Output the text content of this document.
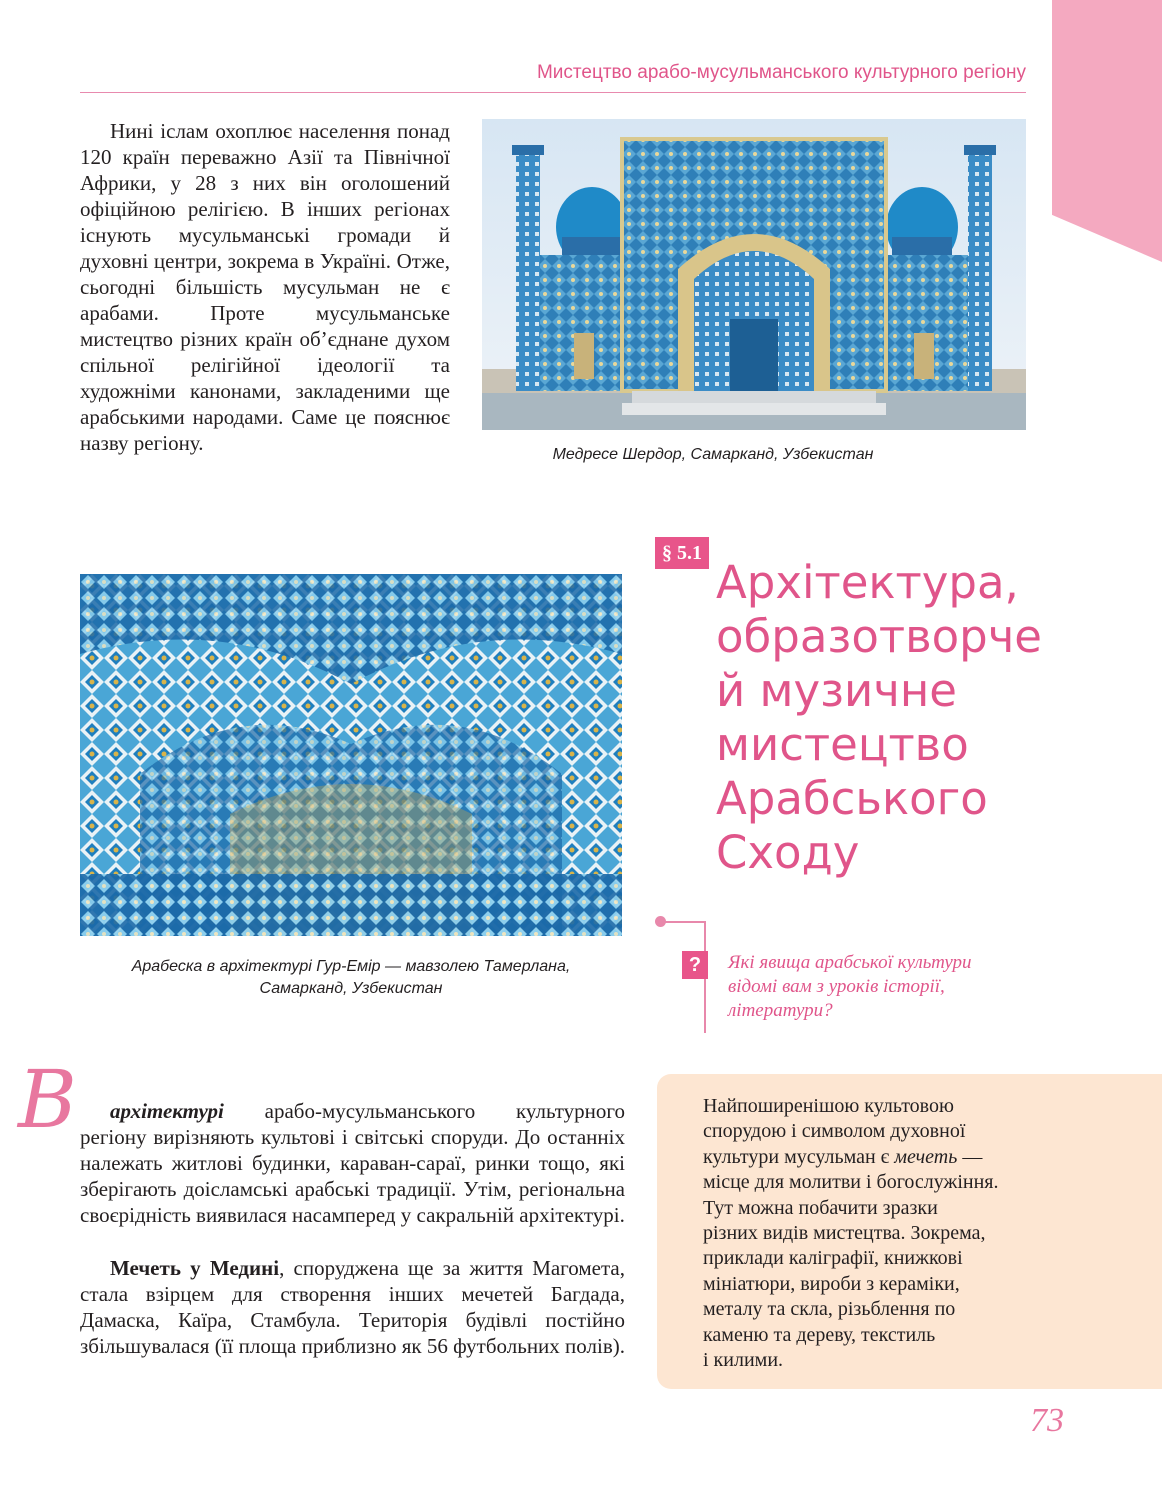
Мистецтво арабо-мусульманського культурного регіону

Нині іслам охоплює населення понад 120 країн переважно Азії та Північної Африки, у 28 з них він оголошений офіційною релігією. В інших регіонах існують мусульманські громади й духовні центри, зокрема в Україні. Отже, сьогодні більшість мусульман не є арабами. Проте мусульманське мистецтво різних країн об’єднане духом спільної релігійної ідеології та художніми канонами, закладеними ще арабськими народами. Саме це пояснює назву регіону.	Медресе Шердор, Самарканд, Узбекистан

Арабеска в архітектурі Гур-Емір — мавзолею Тамерлана,
Самарканд, Узбекистан

§ 5.1
Архітектура,
образотворче
й музичне
мистецтво
Арабського
Сходу
?	Які явища арабської культури
відомі вам з уроків історії,
літератури?

В	архітектурі арабо-мусульманського культурного регіону вирізняють культові і світські споруди. До останніх належать житлові будинки, караван-сараї, ринки тощо, які зберігають доісламські арабські традиції. Утім, регіональна своєрідність виявилася насамперед у сакральній архітектурі.

Мечеть у Медині, споруджена ще за життя Магомета, стала взірцем для створення інших мечетей Багдада, Дамаска, Каїра, Стамбула. Територія будівлі постійно збільшувалася (її площа приблизно як 56 футбольних полів).

Найпоширенішою культовою
спорудою і символом духовної
культури мусульман є мечеть —
місце для молитви і богослужіння.
Тут можна побачити зразки
різних видів мистецтва. Зокрема,
приклади каліграфії, книжкові
мініатюри, вироби з кераміки,
металу та скла, різьблення по
каменю та дереву, текстиль
і килими.

73
